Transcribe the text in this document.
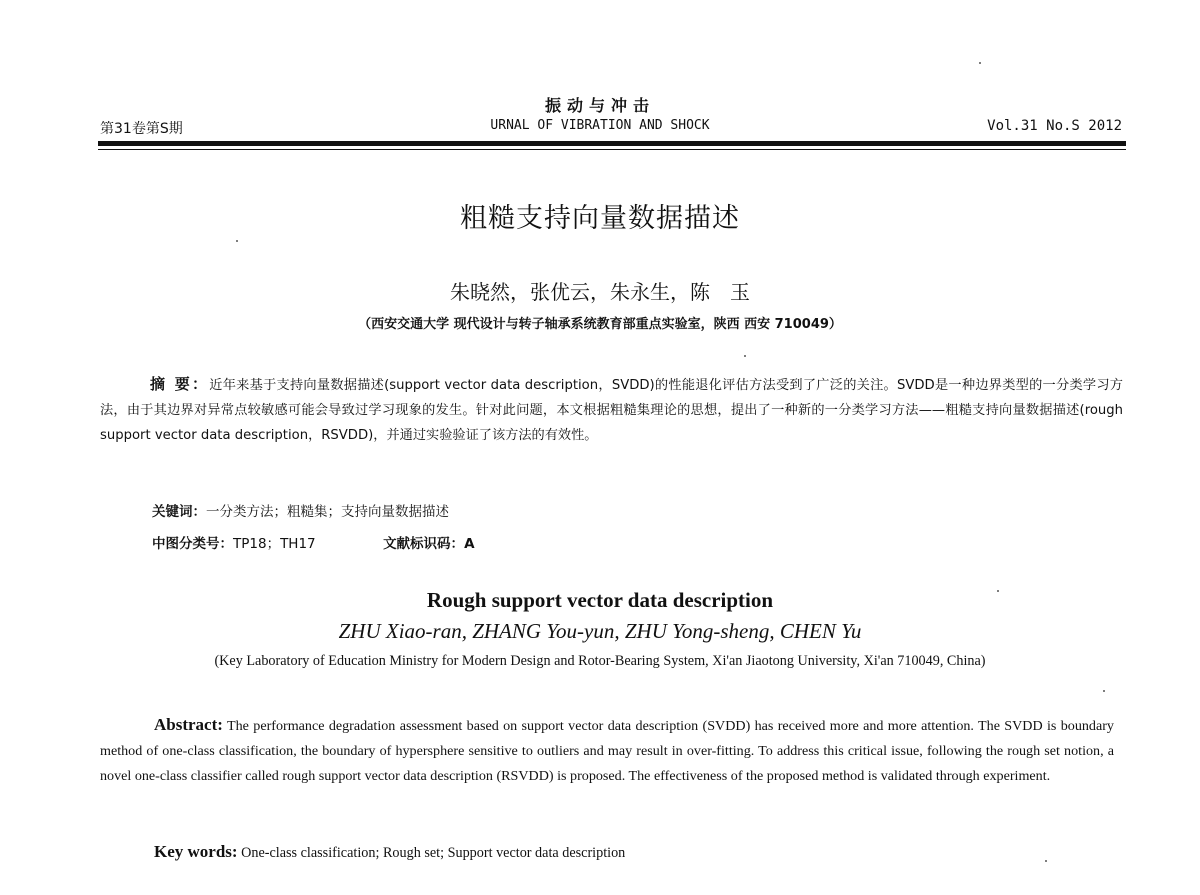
振动与冲击
第31卷第S期	URNAL OF VIBRATION AND SHOCK	Vol.31 No.S 2012
粗糙支持向量数据描述
朱晓然，张优云，朱永生，陈　玉
（西安交通大学 现代设计与转子轴承系统教育部重点实验室，陕西 西安 710049）
摘 要：近年来基于支持向量数据描述(support vector data description，SVDD)的性能退化评估方法受到了广泛的关注。SVDD是一种边界类型的一分类学习方法，由于其边界对异常点较敏感可能会导致过学习现象的发生。针对此问题，本文根据粗糙集理论的思想，提出了一种新的一分类学习方法——粗糙支持向量数据描述(rough support vector data description，RSVDD)，并通过实验验证了该方法的有效性。
关键词：一分类方法；粗糙集；支持向量数据描述
中图分类号：TP18；TH17	文献标识码：A
Rough support vector data description
ZHU Xiao-ran, ZHANG You-yun, ZHU Yong-sheng, CHEN Yu
(Key Laboratory of Education Ministry for Modern Design and Rotor-Bearing System, Xi'an Jiaotong University, Xi'an 710049, China)
Abstract: The performance degradation assessment based on support vector data description (SVDD) has received more and more attention. The SVDD is boundary method of one-class classification, the boundary of hypersphere sensitive to outliers and may result in over-fitting. To address this critical issue, following the rough set notion, a novel one-class classifier called rough support vector data description (RSVDD) is proposed. The effectiveness of the proposed method is validated through experiment.
Key words: One-class classification; Rough set; Support vector data description
